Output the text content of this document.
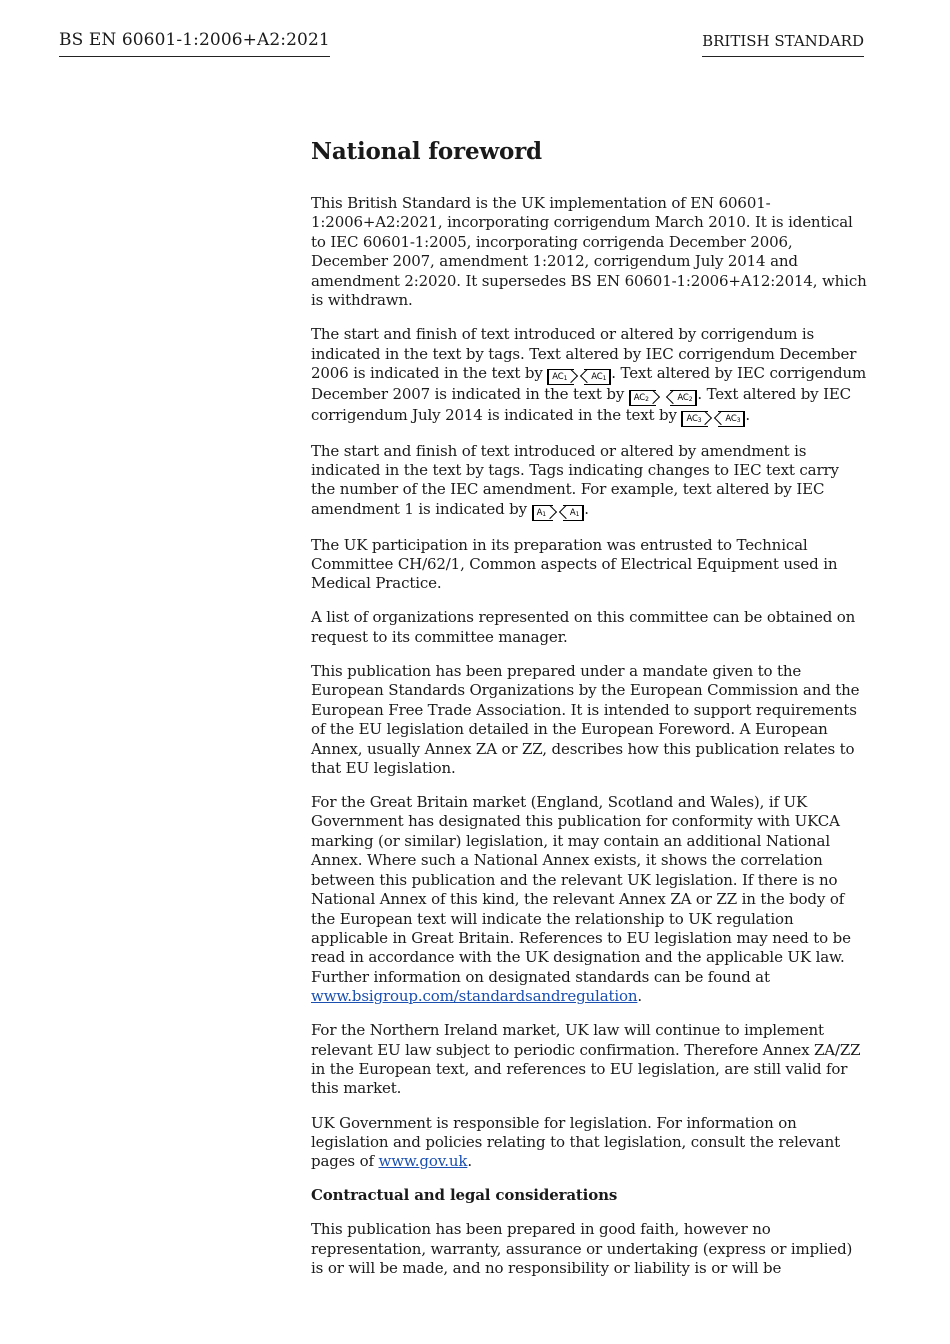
BS EN 60601-1:2006+A2:2021	BRITISH STANDARD
National foreword

This British Standard is the UK implementation of EN 60601-1:2006+A2:2021, incorporating corrigendum March 2010. It is identical to IEC 60601-1:2005, incorporating corrigenda December 2006, December 2007, amendment 1:2012, corrigendum July 2014 and amendment 2:2020. It supersedes BS EN 60601-1:2006+A12:2014, which is withdrawn.

The start and finish of text introduced or altered by corrigendum is indicated in the text by tags. Text altered by IEC corrigendum December 2006 is indicated in the text by $AC_1$	$AC_1$ . Text altered by IEC corrigendum December 2007 is indicated in the text by $AC_2$	$AC_2$ . Text altered by IEC corrigendum July 2014 is indicated in the text by $AC_3$	$AC_3$ .

The start and finish of text introduced or altered by amendment is indicated in the text by tags. Tags indicating changes to IEC text carry the number of the IEC amendment. For example, text altered by IEC amendment 1 is indicated by $A_1$	$A_1$ .

The UK participation in its preparation was entrusted to Technical Committee CH/62/1, Common aspects of Electrical Equipment used in Medical Practice.

A list of organizations represented on this committee can be obtained on request to its committee manager.

This publication has been prepared under a mandate given to the European Standards Organizations by the European Commission and the European Free Trade Association. It is intended to support requirements of the EU legislation detailed in the European Foreword. A European Annex, usually Annex ZA or ZZ, describes how this publication relates to that EU legislation.

For the Great Britain market (England, Scotland and Wales), if UK Government has designated this publication for conformity with UKCA marking (or similar) legislation, it may contain an additional National Annex. Where such a National Annex exists, it shows the correlation between this publication and the relevant UK legislation. If there is no National Annex of this kind, the relevant Annex ZA or ZZ in the body of the European text will indicate the relationship to UK regulation applicable in Great Britain. References to EU legislation may need to be read in accordance with the UK designation and the applicable UK law. Further information on designated standards can be found at www.bsigroup.com/standardsandregulation.

For the Northern Ireland market, UK law will continue to implement relevant EU law subject to periodic confirmation. Therefore Annex ZA/ZZ in the European text, and references to EU legislation, are still valid for this market.

UK Government is responsible for legislation. For information on legislation and policies relating to that legislation, consult the relevant pages of www.gov.uk.

Contractual and legal considerations

This publication has been prepared in good faith, however no representation, warranty, assurance or undertaking (express or implied) is or will be made, and no responsibility or liability is or will be
